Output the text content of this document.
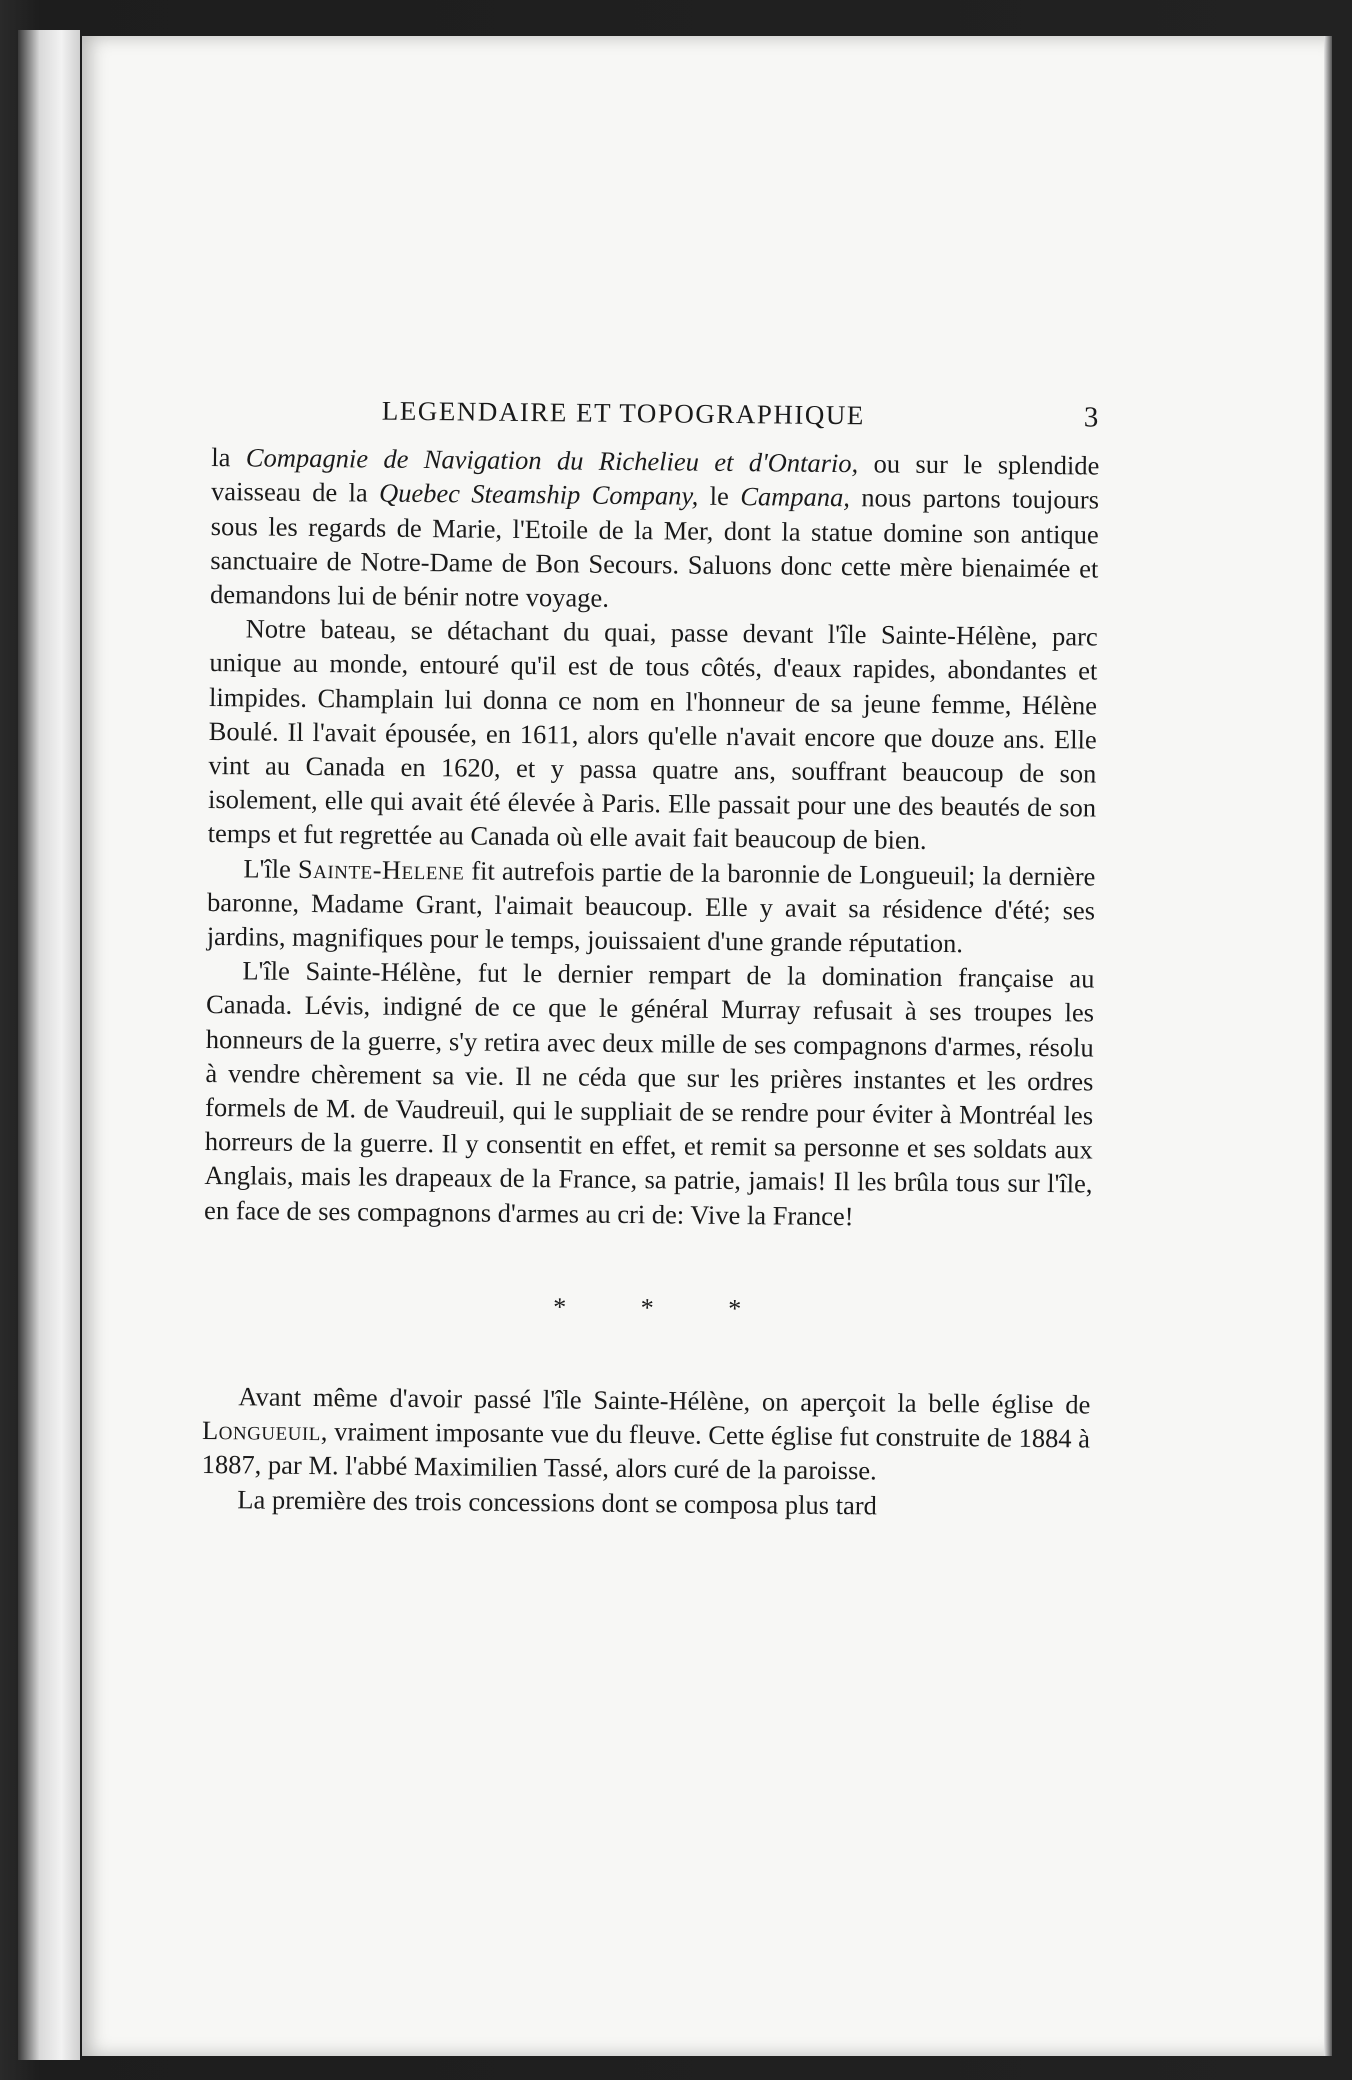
LEGENDAIRE ET TOPOGRAPHIQUE	3

la Compagnie de Navigation du Richelieu et d'Ontario, ou sur le splendide vaisseau de la Quebec Steamship Company, le Campana, nous partons toujours sous les regards de Marie, l'Etoile de la Mer, dont la statue domine son antique sanctuaire de Notre-Dame de Bon Secours. Saluons donc cette mère bienaimée et demandons lui de bénir notre voyage.

Notre bateau, se détachant du quai, passe devant l'île Sainte-Hélène, parc unique au monde, entouré qu'il est de tous côtés, d'eaux rapides, abondantes et limpides. Champlain lui donna ce nom en l'honneur de sa jeune femme, Hélène Boulé. Il l'avait épousée, en 1611, alors qu'elle n'avait encore que douze ans. Elle vint au Canada en 1620, et y passa quatre ans, souffrant beaucoup de son isolement, elle qui avait été élevée à Paris. Elle passait pour une des beautés de son temps et fut regrettée au Canada où elle avait fait beaucoup de bien.

L'île Sainte-Helene fit autrefois partie de la baronnie de Longueuil; la dernière baronne, Madame Grant, l'aimait beaucoup. Elle y avait sa résidence d'été; ses jardins, magnifiques pour le temps, jouissaient d'une grande réputation.

L'île Sainte-Hélène, fut le dernier rempart de la domination française au Canada. Lévis, indigné de ce que le général Murray refusait à ses troupes les honneurs de la guerre, s'y retira avec deux mille de ses compagnons d'armes, résolu à vendre chèrement sa vie. Il ne céda que sur les prières instantes et les ordres formels de M. de Vaudreuil, qui le suppliait de se rendre pour éviter à Montréal les horreurs de la guerre. Il y consentit en effet, et remit sa personne et ses soldats aux Anglais, mais les drapeaux de la France, sa patrie, jamais! Il les brûla tous sur l'île, en face de ses compagnons d'armes au cri de: Vive la France!

* * *

Avant même d'avoir passé l'île Sainte-Hélène, on aperçoit la belle église de Longueuil, vraiment imposante vue du fleuve. Cette église fut construite de 1884 à 1887, par M. l'abbé Maximilien Tassé, alors curé de la paroisse.

La première des trois concessions dont se composa plus tard
